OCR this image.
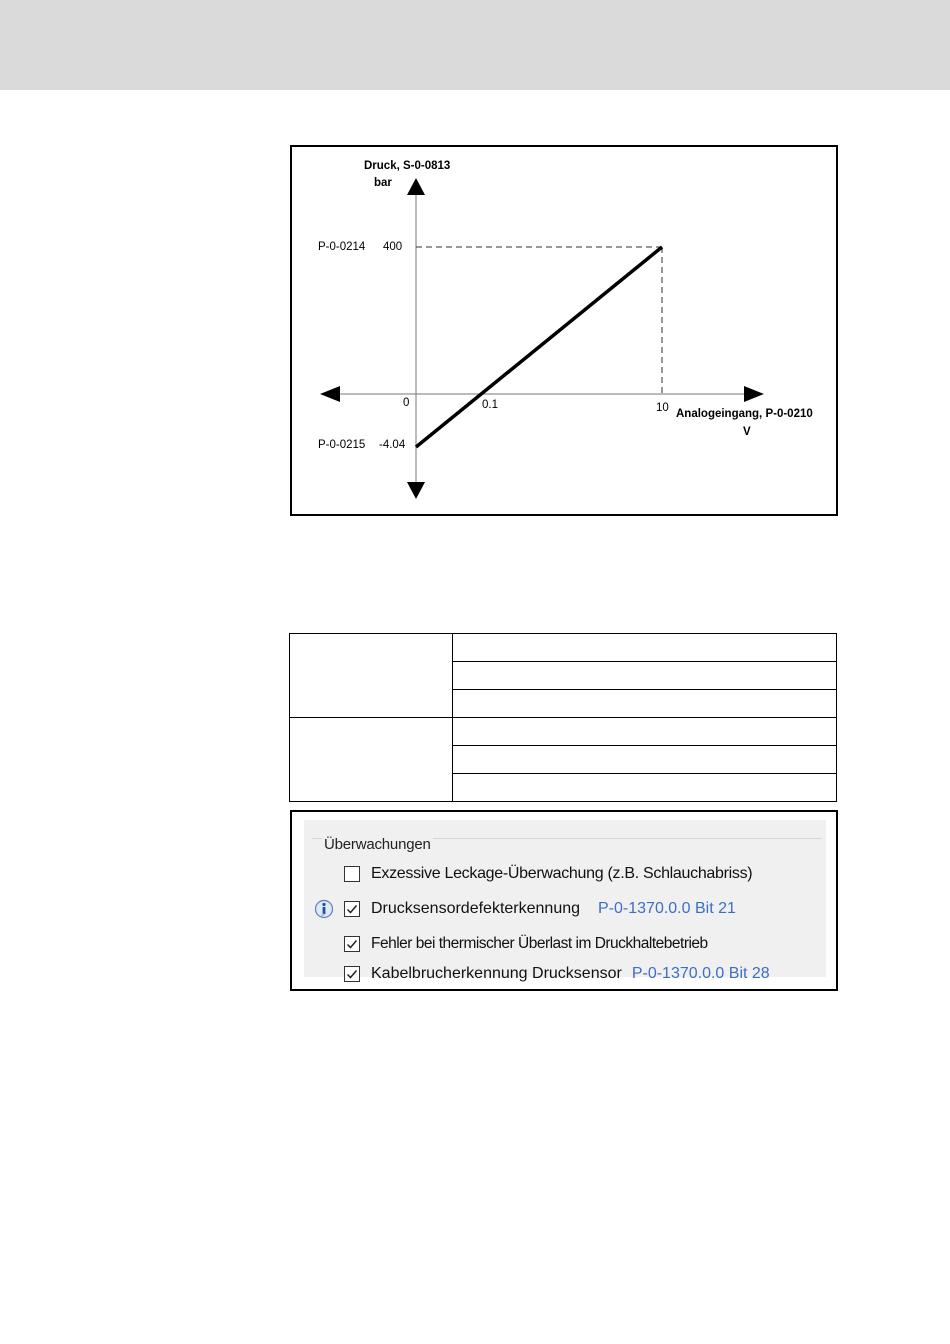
Druck, S-0-0813
bar
Analogeingang, P-0-0210
V
0	0.1	10
P-0-0214 400
P-0-0215 -4.04

Überwachungen
Exzessive Leckage-Überwachung (z.B. Schlauchabriss)
Drucksensordefekterkennung P-0-1370.0.0 Bit 21
Fehler bei thermischer Überlast im Druckhaltebetrieb
Kabelbrucherkennung Drucksensor P-0-1370.0.0 Bit 28
